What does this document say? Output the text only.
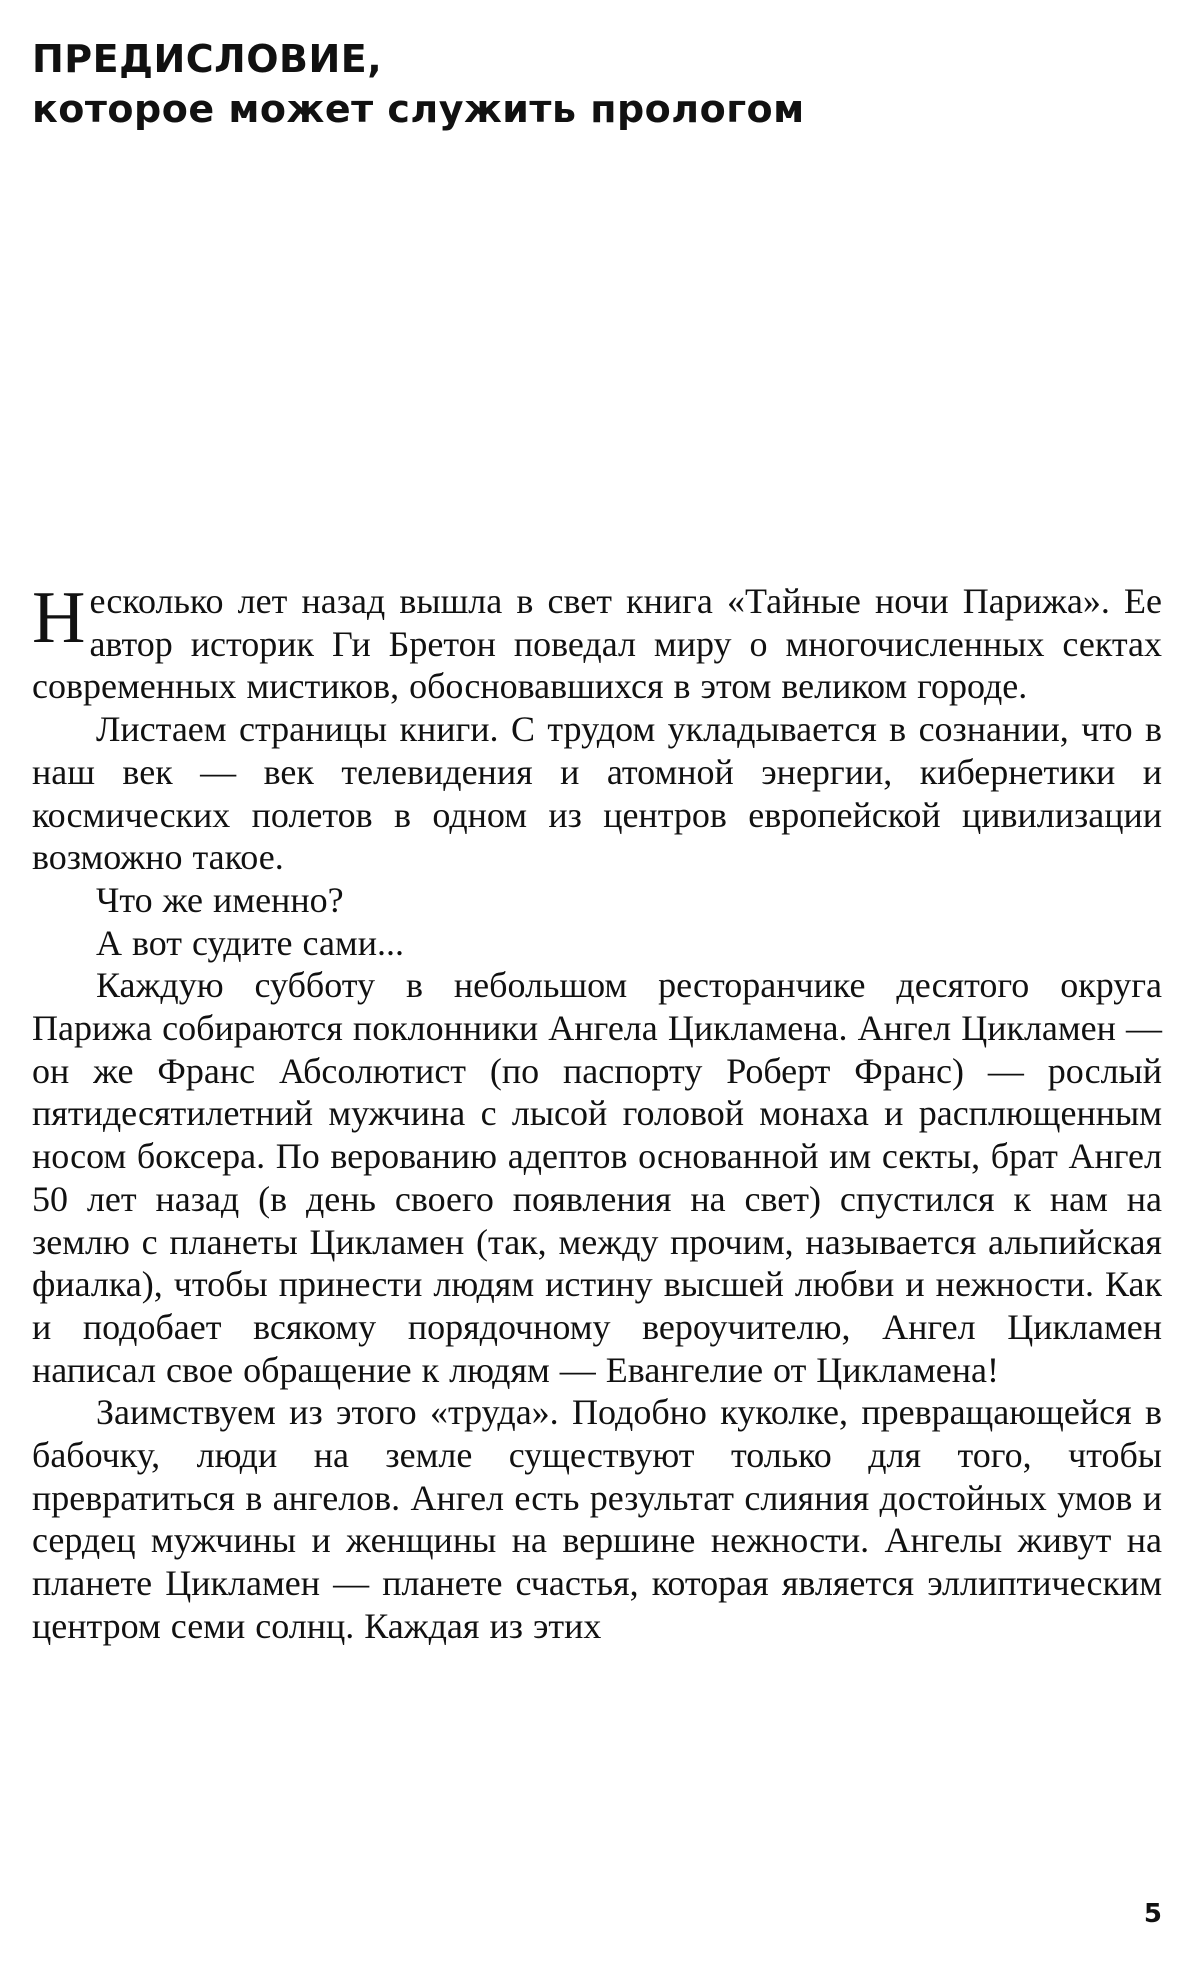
ПРЕДИСЛОВИЕ,
которое может служить прологом

Несколько лет назад вышла в свет книга «Тайные ночи Парижа». Ее автор историк Ги Бретон поведал миру о многочисленных сектах современных мистиков, обосновавшихся в этом великом городе.

Листаем страницы книги. С трудом укладывается в сознании, что в наш век — век телевидения и атомной энергии, кибернетики и космических полетов в одном из центров европейской цивилизации возможно такое.

Что же именно?

А вот судите сами...

Каждую субботу в небольшом ресторанчике десятого округа Парижа собираются поклонники Ангела Цикламена. Ангел Цикламен — он же Франс Абсолютист (по паспорту Роберт Франс) — рослый пятидесятилетний мужчина с лысой головой монаха и расплющенным носом боксера. По верованию адептов основанной им секты, брат Ангел 50 лет назад (в день своего появления на свет) спустился к нам на землю с планеты Цикламен (так, между прочим, называется альпийская фиалка), чтобы принести людям истину высшей любви и нежности. Как и подобает всякому порядочному вероучителю, Ангел Цикламен написал свое обращение к людям — Евангелие от Цикламена!

Заимствуем из этого «труда». Подобно куколке, превращающейся в бабочку, люди на земле существуют только для того, чтобы превратиться в ангелов. Ангел есть результат слияния достойных умов и сердец мужчины и женщины на вершине нежности. Ангелы живут на планете Цикламен — планете счастья, которая является эллиптическим центром семи солнц. Каждая из этих

5
